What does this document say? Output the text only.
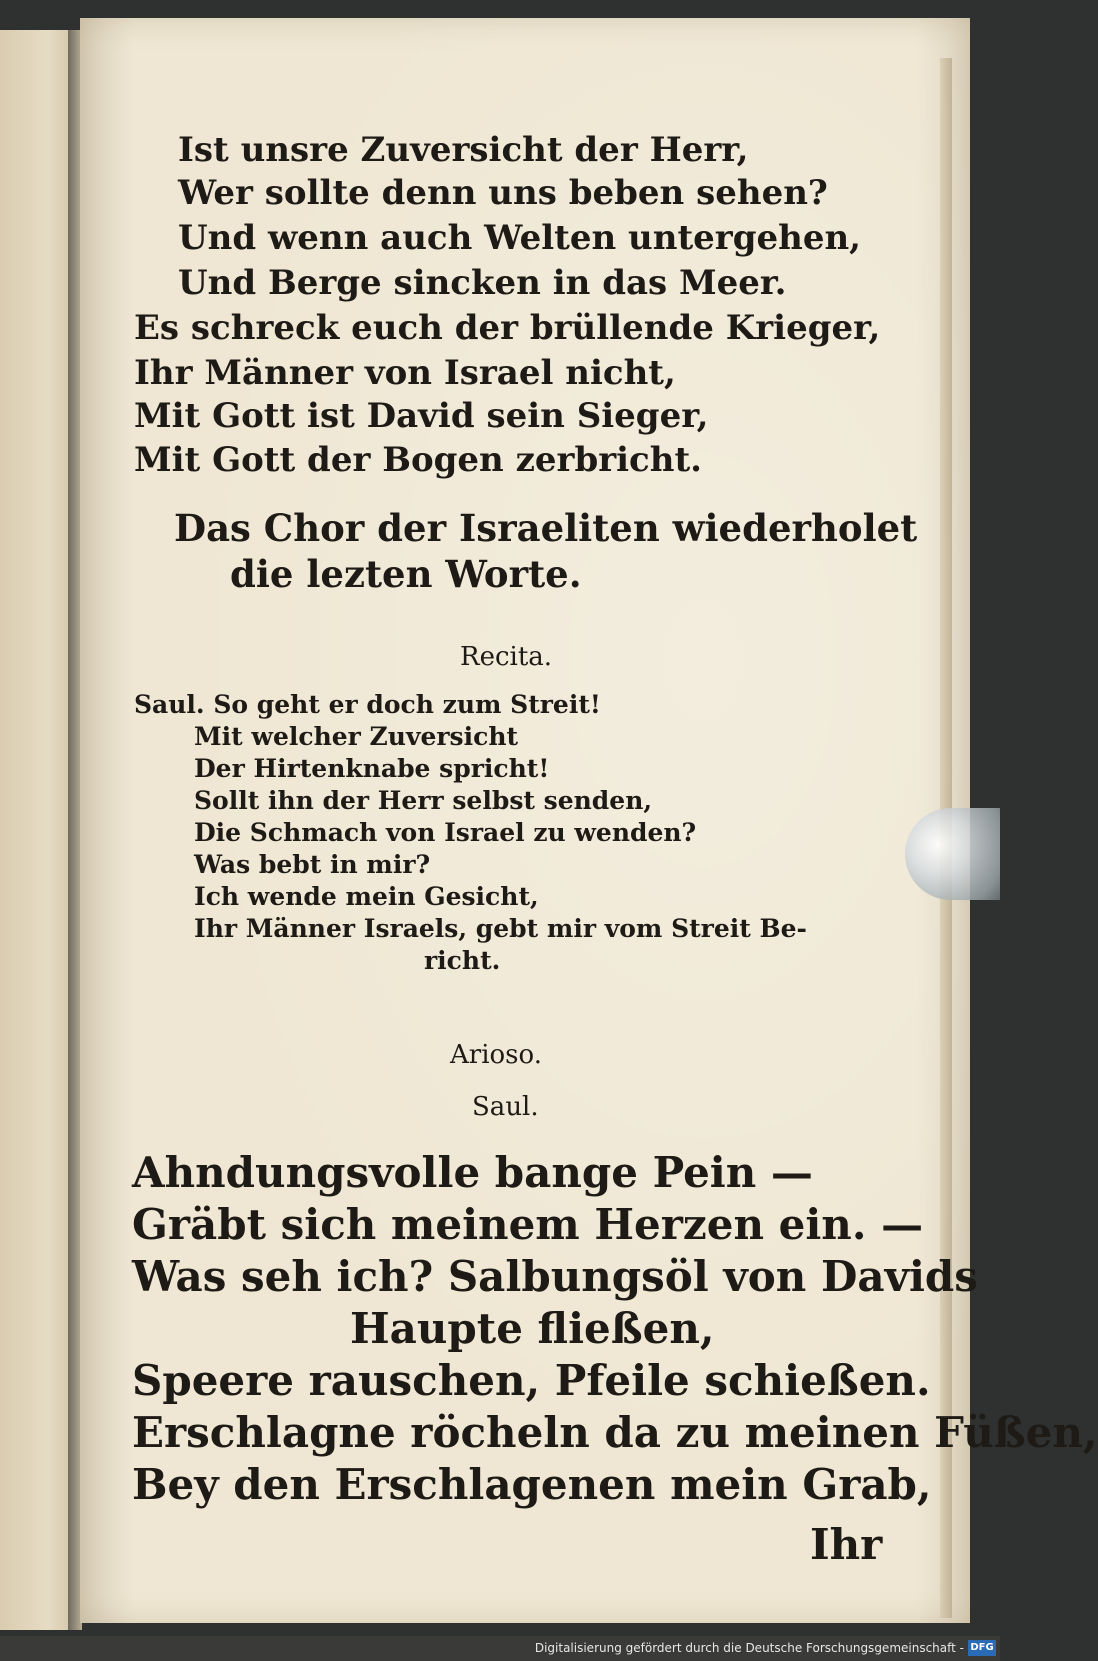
Ist unsre Zuversicht der Herr,
Wer sollte denn uns beben sehen?
Und wenn auch Welten untergehen,
Und Berge sincken in das Meer.
Es schreck euch der brüllende Krieger,
Ihr Männer von Israel nicht,
Mit Gott ist David sein Sieger,
Mit Gott der Bogen zerbricht.
Das Chor der Israeliten wiederholet
die lezten Worte.
Recita.
Saul. So geht er doch zum Streit!
Mit welcher Zuversicht
Der Hirtenknabe spricht!
Sollt ihn der Herr selbst senden,
Die Schmach von Israel zu wenden?
Was bebt in mir?
Ich wende mein Gesicht,
Ihr Männer Israels, gebt mir vom Streit Be-
richt.
Arioso.
Saul.
Ahndungsvolle bange Pein —
Gräbt sich meinem Herzen ein. —
Was seh ich? Salbungsöl von Davids
Haupte fließen,
Speere rauschen, Pfeile schießen.
Erschlagne röcheln da zu meinen Füßen,
Bey den Erschlagenen mein Grab,
Ihr
Digitalisierung gefördert durch die Deutsche Forschungsgemeinschaft - DFG
